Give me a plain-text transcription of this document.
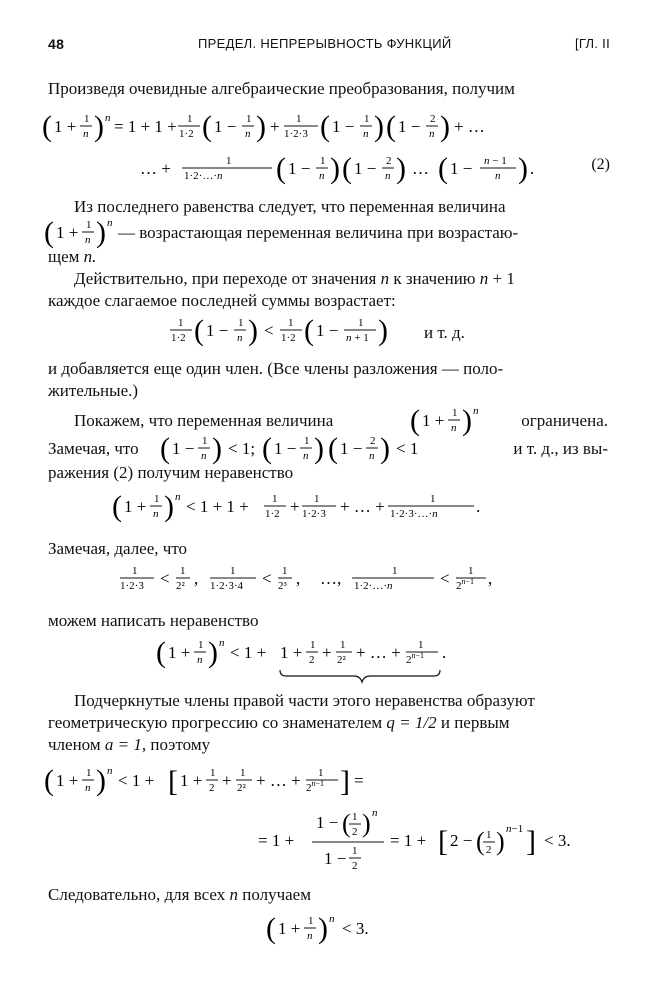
48	ПРЕДЕЛ. НЕПРЕРЫВНОСТЬ ФУНКЦИЙ	[ГЛ. II
Произведя очевидные алгебраические преобразования, получим
( 1 + 1
n ) n = 1 + 1 + 1
1·2 ( 1 − 1
n ) + 1
1·2·3 ( 1 − 1
n ) ( 1 − 2
n ) + …
… +	1
1·2·…·n ( 1 − 1
n ) ( 1 − 2
n ) … ( 1 − n − 1
n ) .	(2)
Из последнего равенства следует, что переменная величина
( 1 + 1
n ) n — возрастающая переменная величина при возрастаю-
щем n.
Действительно, при переходе от значения n к значению n + 1
каждое слагаемое последней суммы возрастает:
1
1·2 ( 1 − 1
n ) < 1
1·2 ( 1 − 1
n + 1 ) и т. д.
и добавляется еще один член. (Все члены разложения — поло-
жительные.)
Покажем, что переменная величина	( 1 + 1
n ) n	ограничена.
Замечая, что ( 1 − 1
n ) < 1; ( 1 − 1
n ) ( 1 − 2
n ) < 1	и т. д., из вы-
ражения (2) получим неравенство
( 1 + 1
n ) n < 1 + 1 + 1
1·2 + 1
1·2·3 + … +	1
1·2·3·…·n .
Замечая, далее, что
1
1·2·3 < 1
2² ,	1
1·2·3·4 < 1
2³ , …,	1
1·2·…·n	< 1
$2^{n-1}$ ,
можем написать неравенство
( 1 + 1
n ) n < 1 + 1 + 1
2 + 1
2² + … + 1
$2^{n-1}$ .
Подчеркнутые члены правой части этого неравенства образуют
геометрическую прогрессию со знаменателем q = 1/2 и первым
членом a = 1, поэтому
( 1 + 1
n ) n < 1 + [ 1 + 1
2 + 1
2² + … + 1
$2^{n-1}$ ] =
= 1 +
1 − ( 1
2 ) n
1 − 1
2
= 1 + [ 2 − ( 1
2 ) n−1 ] < 3.
Следовательно, для всех n получаем
( 1 + 1
n ) n < 3.
